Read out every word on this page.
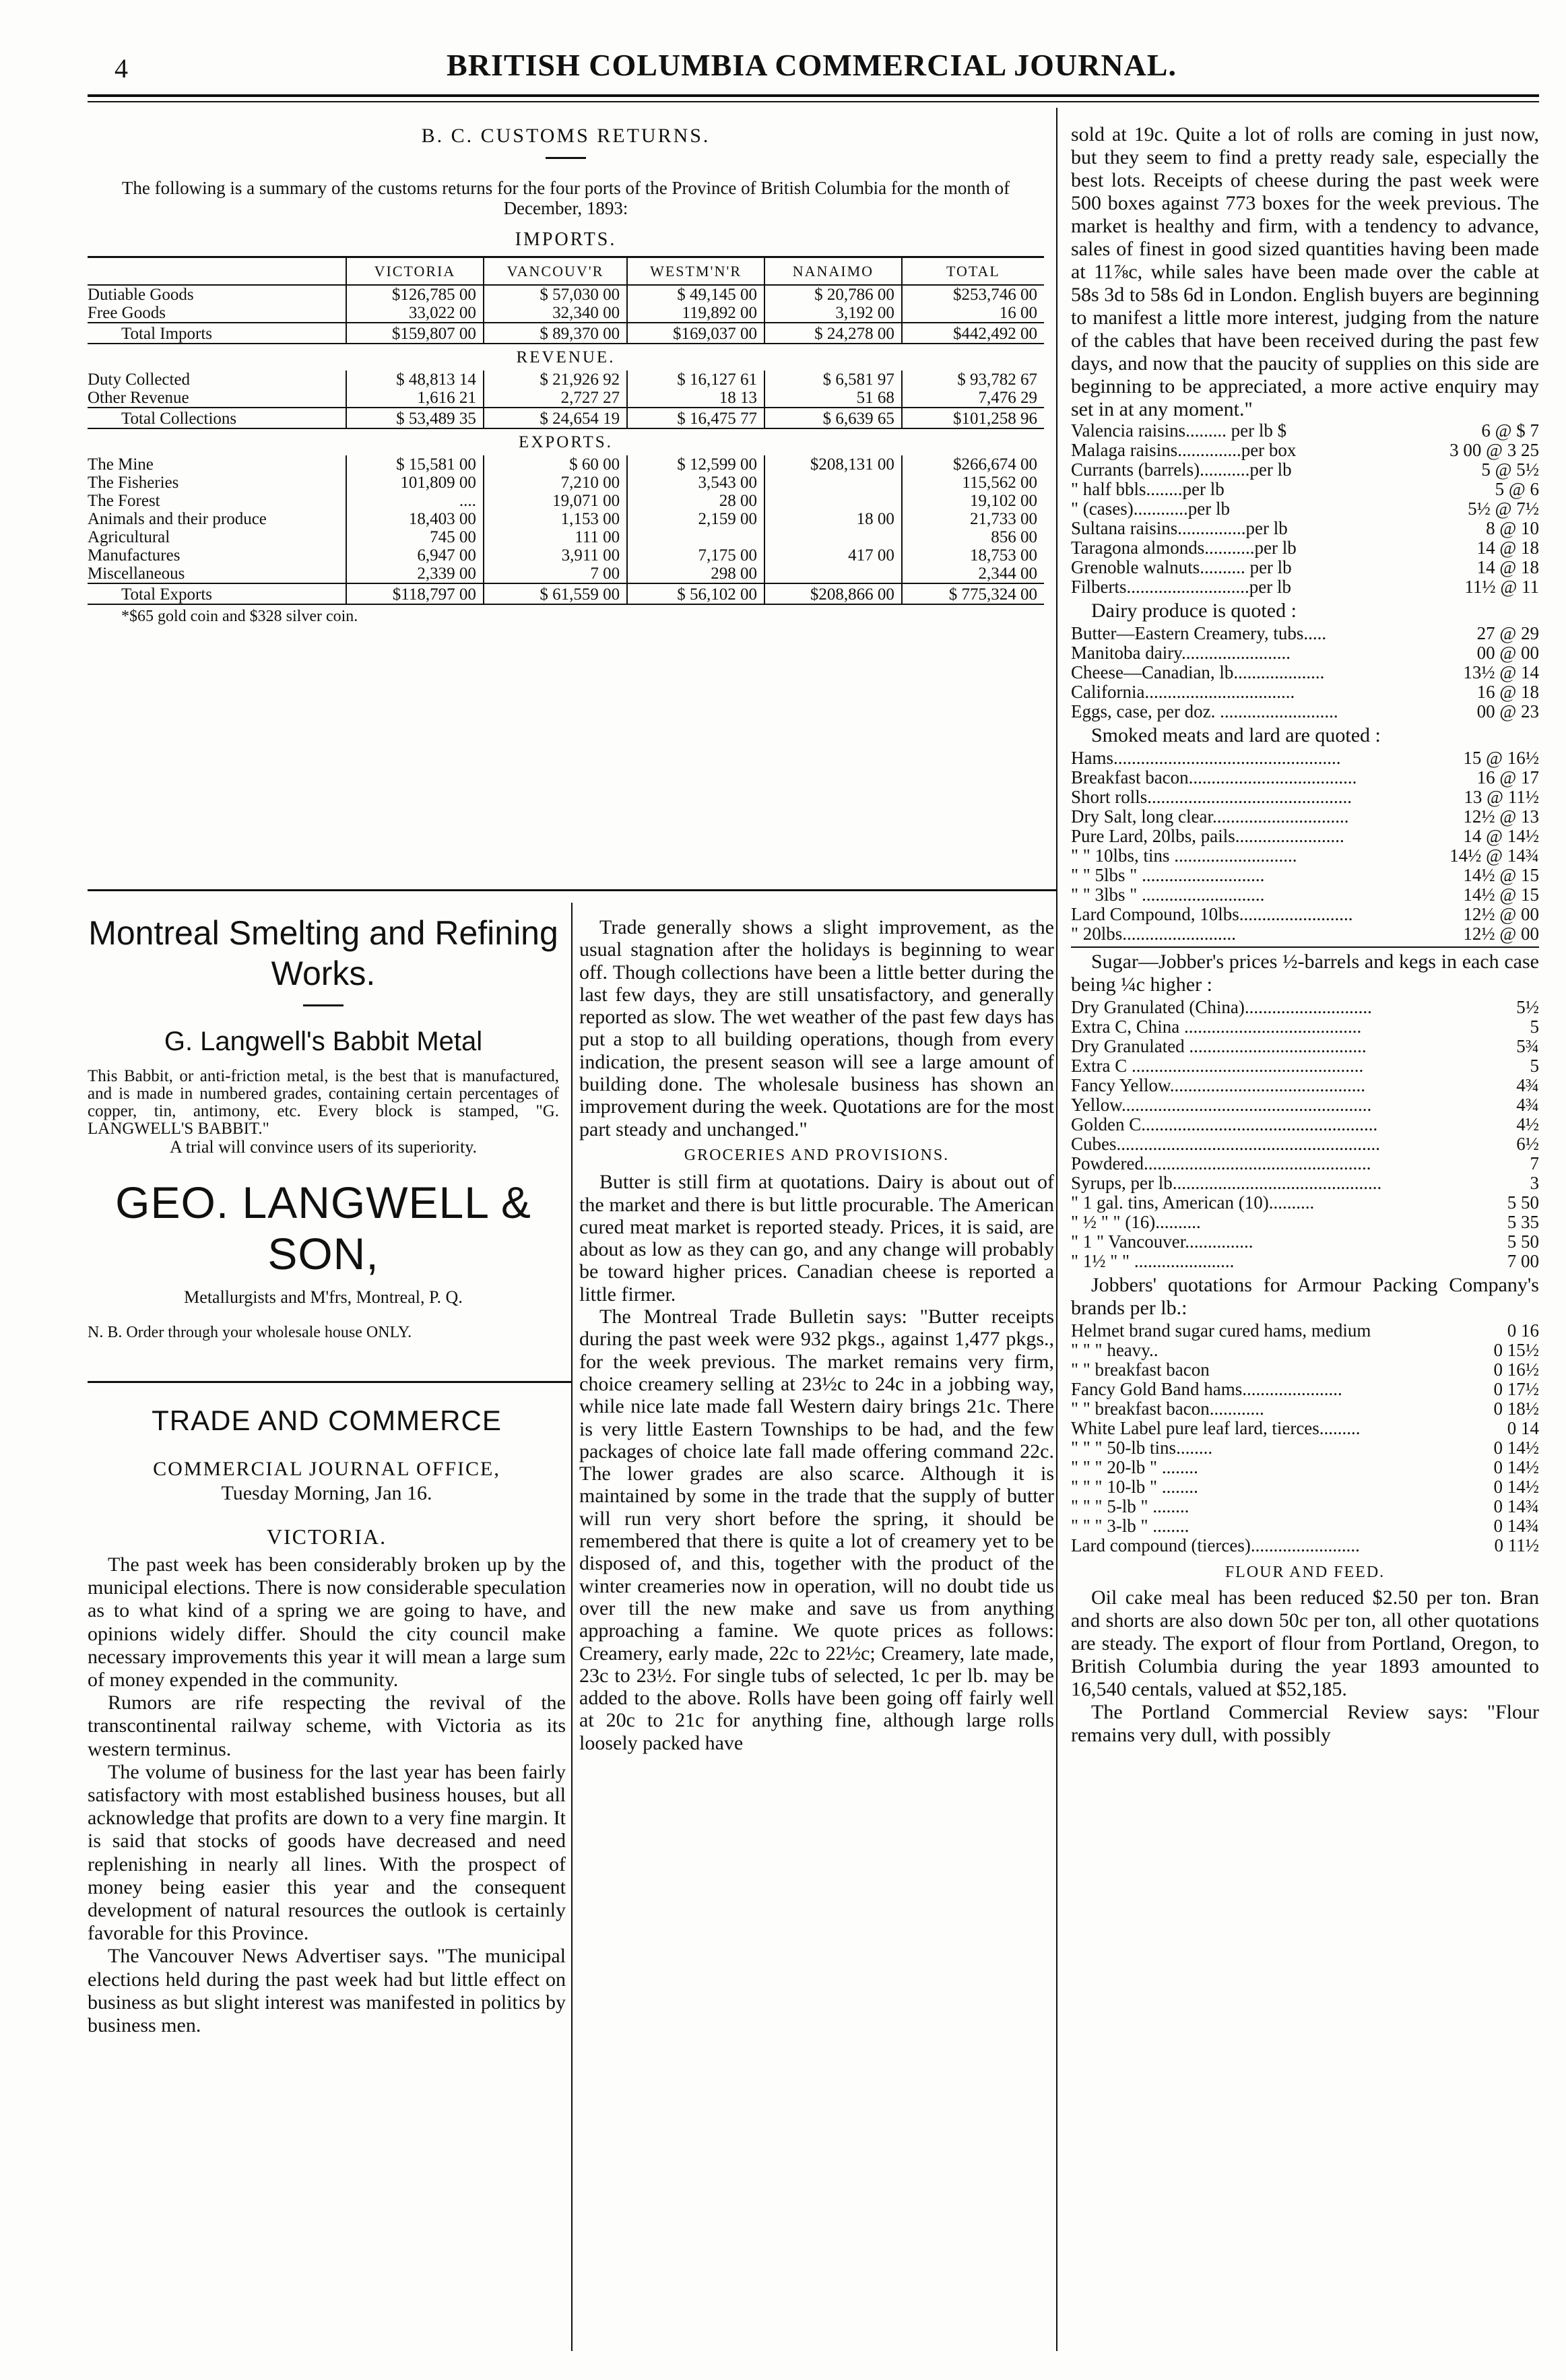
4	BRITISH COLUMBIA COMMERCIAL JOURNAL.
B. C. CUSTOMS RETURNS.
The following is a summary of the customs returns for the four ports of the Province of British Columbia for the month of December, 1893:
IMPORTS.
	VICTORIA	VANCOUV'R	WESTM'N'R	NANAIMO	TOTAL
Dutiable Goods	$126,785 00	$ 57,030 00	$ 49,145 00	$ 20,786 00	$253,746 00
Free Goods	33,022 00	32,340 00	119,892 00	3,192 00	16 00
Total Imports	$159,807 00	$ 89,370 00	$169,037 00	$ 24,278 00	$442,492 00
REVENUE.					
Duty Collected	$ 48,813 14	$ 21,926 92	$ 16,127 61	$ 6,581 97	$ 93,782 67
Other Revenue	1,616 21	2,727 27	18 13	51 68	7,476 29
Total Collections	$ 53,489 35	$ 24,654 19	$ 16,475 77	$ 6,639 65	$101,258 96
EXPORTS.					
The Mine	$ 15,581 00	$ 60 00	$ 12,599 00	$208,131 00	$266,674 00
The Fisheries	101,809 00	7,210 00	3,543 00		115,562 00
The Forest	....	19,071 00	28 00		19,102 00
Animals and their produce	18,403 00	1,153 00	2,159 00	18 00	21,733 00
Agricultural	745 00	111 00			856 00
Manufactures	6,947 00	3,911 00	7,175 00	417 00	18,753 00
Miscellaneous	2,339 00	7 00	298 00		2,344 00
Total Exports	$118,797 00	$ 61,559 00	$ 56,102 00	$208,866 00	$ 775,324 00
*$65 gold coin and $328 silver coin.
Montreal Smelting and Refining Works.
G. Langwell's Babbit Metal
This Babbit, or anti-friction metal, is the best that is manufactured, and is made in numbered grades, containing certain percentages of copper, tin, antimony, etc. Every block is stamped, "G. LANGWELL'S BABBIT."
A trial will convince users of its superiority.
GEO. LANGWELL & SON,
Metallurgists and M'frs, Montreal, P. Q.
N. B. Order through your wholesale house ONLY.
TRADE AND COMMERCE
COMMERCIAL JOURNAL OFFICE,
Tuesday Morning, Jan 16.
VICTORIA.

The past week has been considerably broken up by the municipal elections. There is now considerable speculation as to what kind of a spring we are going to have, and opinions widely differ. Should the city council make necessary improvements this year it will mean a large sum of money expended in the community.

Rumors are rife respecting the revival of the transcontinental railway scheme, with Victoria as its western terminus.

The volume of business for the last year has been fairly satisfactory with most established business houses, but all acknowledge that profits are down to a very fine margin. It is said that stocks of goods have decreased and need replenishing in nearly all lines. With the prospect of money being easier this year and the consequent development of natural resources the outlook is certainly favorable for this Province.

The Vancouver News Advertiser says. "The municipal elections held during the past week had but little effect on business as but slight interest was manifested in politics by business men.

Trade generally shows a slight improvement, as the usual stagnation after the holidays is beginning to wear off. Though collections have been a little better during the last few days, they are still unsatisfactory, and generally reported as slow. The wet weather of the past few days has put a stop to all building operations, though from every indication, the present season will see a large amount of building done. The wholesale business has shown an improvement during the week. Quotations are for the most part steady and unchanged."

GROCERIES AND PROVISIONS.

Butter is still firm at quotations. Dairy is about out of the market and there is but little procurable. The American cured meat market is reported steady. Prices, it is said, are about as low as they can go, and any change will probably be toward higher prices. Canadian cheese is reported a little firmer.

The Montreal Trade Bulletin says: "Butter receipts during the past week were 932 pkgs., against 1,477 pkgs., for the week previous. The market remains very firm, choice creamery selling at 23½c to 24c in a jobbing way, while nice late made fall Western dairy brings 21c. There is very little Eastern Townships to be had, and the few packages of choice late fall made offering command 22c. The lower grades are also scarce. Although it is maintained by some in the trade that the supply of butter will run very short before the spring, it should be remembered that there is quite a lot of creamery yet to be disposed of, and this, together with the product of the winter creameries now in operation, will no doubt tide us over till the new make and save us from anything approaching a famine. We quote prices as follows: Creamery, early made, 22c to 22½c; Creamery, late made, 23c to 23½. For single tubs of selected, 1c per lb. may be added to the above. Rolls have been going off fairly well at 20c to 21c for anything fine, although large rolls loosely packed have

sold at 19c. Quite a lot of rolls are coming in just now, but they seem to find a pretty ready sale, especially the best lots. Receipts of cheese during the past week were 500 boxes against 773 boxes for the week previous. The market is healthy and firm, with a tendency to advance, sales of finest in good sized quantities having been made at 11⅞c, while sales have been made over the cable at 58s 3d to 58s 6d in London. English buyers are beginning to manifest a little more interest, judging from the nature of the cables that have been received during the past few days, and now that the paucity of supplies on this side are beginning to be appreciated, a more active enquiry may set in at any moment."

Valencia raisins......... per lb $	6 @ $ 7
Malaga raisins..............per box	3 00 @ 3 25
Currants (barrels)...........per lb	5 @ 5½
" half bbls........per lb	5 @ 6
" (cases)............per lb	5½ @ 7½
Sultana raisins...............per lb	8 @ 10
Taragona almonds...........per lb	14 @ 18
Grenoble walnuts.......... per lb	14 @ 18
Filberts...........................per lb	11½ @ 11
Dairy produce is quoted :
Butter—Eastern Creamery, tubs.....	27 @ 29
Manitoba dairy........................	00 @ 00
Cheese—Canadian, lb....................	13½ @ 14
California.................................	16 @ 18
Eggs, case, per doz. ..........................	00 @ 23
Smoked meats and lard are quoted :
Hams..................................................	15 @ 16½
Breakfast bacon.....................................	16 @ 17
Short rolls.............................................	13 @ 11½
Dry Salt, long clear..............................	12½ @ 13
Pure Lard, 20lbs, pails........................	14 @ 14½
" " 10lbs, tins ...........................	14½ @ 14¾
" " 5lbs " ...........................	14½ @ 15
" " 3lbs " ...........................	14½ @ 15
Lard Compound, 10lbs.........................	12½ @ 00
" 20lbs.........................	12½ @ 00
Sugar—Jobber's prices ½-barrels and kegs in each case being ¼c higher :
Dry Granulated (China)............................	5½
Extra C, China .......................................	5
Dry Granulated .......................................	5¾
Extra C ...................................................	5
Fancy Yellow...........................................	4¾
Yellow.......................................................	4¾
Golden C....................................................	4½
Cubes..........................................................	6½
Powdered..................................................	7
Syrups, per lb..............................................	3
" 1 gal. tins, American (10)..........	5 50
" ½ " " (16)..........	5 35
" 1 " Vancouver...............	5 50
" 1½ " " ......................	7 00
Jobbers' quotations for Armour Packing Company's brands per lb.:
Helmet brand sugar cured hams, medium	0 16
" " " heavy..	0 15½
" " breakfast bacon	0 16½
Fancy Gold Band hams......................	0 17½
" " breakfast bacon............	0 18½
White Label pure leaf lard, tierces.........	0 14
" " " 50-lb tins........	0 14½
" " " 20-lb " ........	0 14½
" " " 10-lb " ........	0 14½
" " " 5-lb " ........	0 14¾
" " " 3-lb " ........	0 14¾
Lard compound (tierces)........................	0 11½
FLOUR AND FEED.

Oil cake meal has been reduced $2.50 per ton. Bran and shorts are also down 50c per ton, all other quotations are steady. The export of flour from Portland, Oregon, to British Columbia during the year 1893 amounted to 16,540 centals, valued at $52,185.

The Portland Commercial Review says: "Flour remains very dull, with possibly
